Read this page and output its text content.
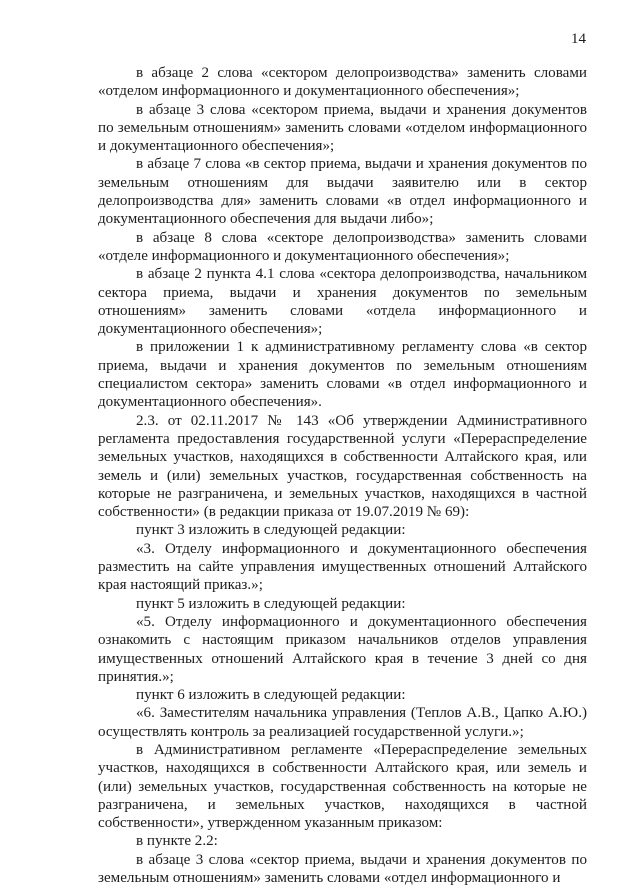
14

в абзаце 2 слова «сектором делопроизводства» заменить словами «отделом информационного и документационного обеспечения»;

в абзаце 3 слова «сектором приема, выдачи и хранения документов по земельным отношениям» заменить словами «отделом информационного и документационного обеспечения»;

в абзаце 7 слова «в сектор приема, выдачи и хранения документов по земельным отношениям для выдачи заявителю или в сектор делопроизводства для» заменить словами «в отдел информационного и документационного обеспечения для выдачи либо»;

в абзаце 8 слова «секторе делопроизводства» заменить словами «отделе информационного и документационного обеспечения»;

в абзаце 2 пункта 4.1 слова «сектора делопроизводства, начальником сектора приема, выдачи и хранения документов по земельным отношениям» заменить словами «отдела информационного и документационного обеспечения»;

в приложении 1 к административному регламенту слова «в сектор приема, выдачи и хранения документов по земельным отношениям специалистом сектора» заменить словами «в отдел информационного и документационного обеспечения».

2.3. от 02.11.2017 № 143 «Об утверждении Административного регламента предоставления государственной услуги «Перераспределение земельных участков, находящихся в собственности Алтайского края, или земель и (или) земельных участков, государственная собственность на которые не разграничена, и земельных участков, находящихся в частной собственности» (в редакции приказа от 19.07.2019 № 69):

пункт 3 изложить в следующей редакции:

«3. Отделу информационного и документационного обеспечения разместить на сайте управления имущественных отношений Алтайского края настоящий приказ.»;

пункт 5 изложить в следующей редакции:

«5. Отделу информационного и документационного обеспечения ознакомить с настоящим приказом начальников отделов управления имущественных отношений Алтайского края в течение 3 дней со дня принятия.»;

пункт 6 изложить в следующей редакции:

«6. Заместителям начальника управления (Теплов А.В., Цапко А.Ю.) осуществлять контроль за реализацией государственной услуги.»;

в Административном регламенте «Перераспределение земельных участков, находящихся в собственности Алтайского края, или земель и (или) земельных участков, государственная собственность на которые не разграничена, и земельных участков, находящихся в частной собственности», утвержденном указанным приказом:

в пункте 2.2:

в абзаце 3 слова «сектор приема, выдачи и хранения документов по земельным отношениям» заменить словами «отдел информационного и
